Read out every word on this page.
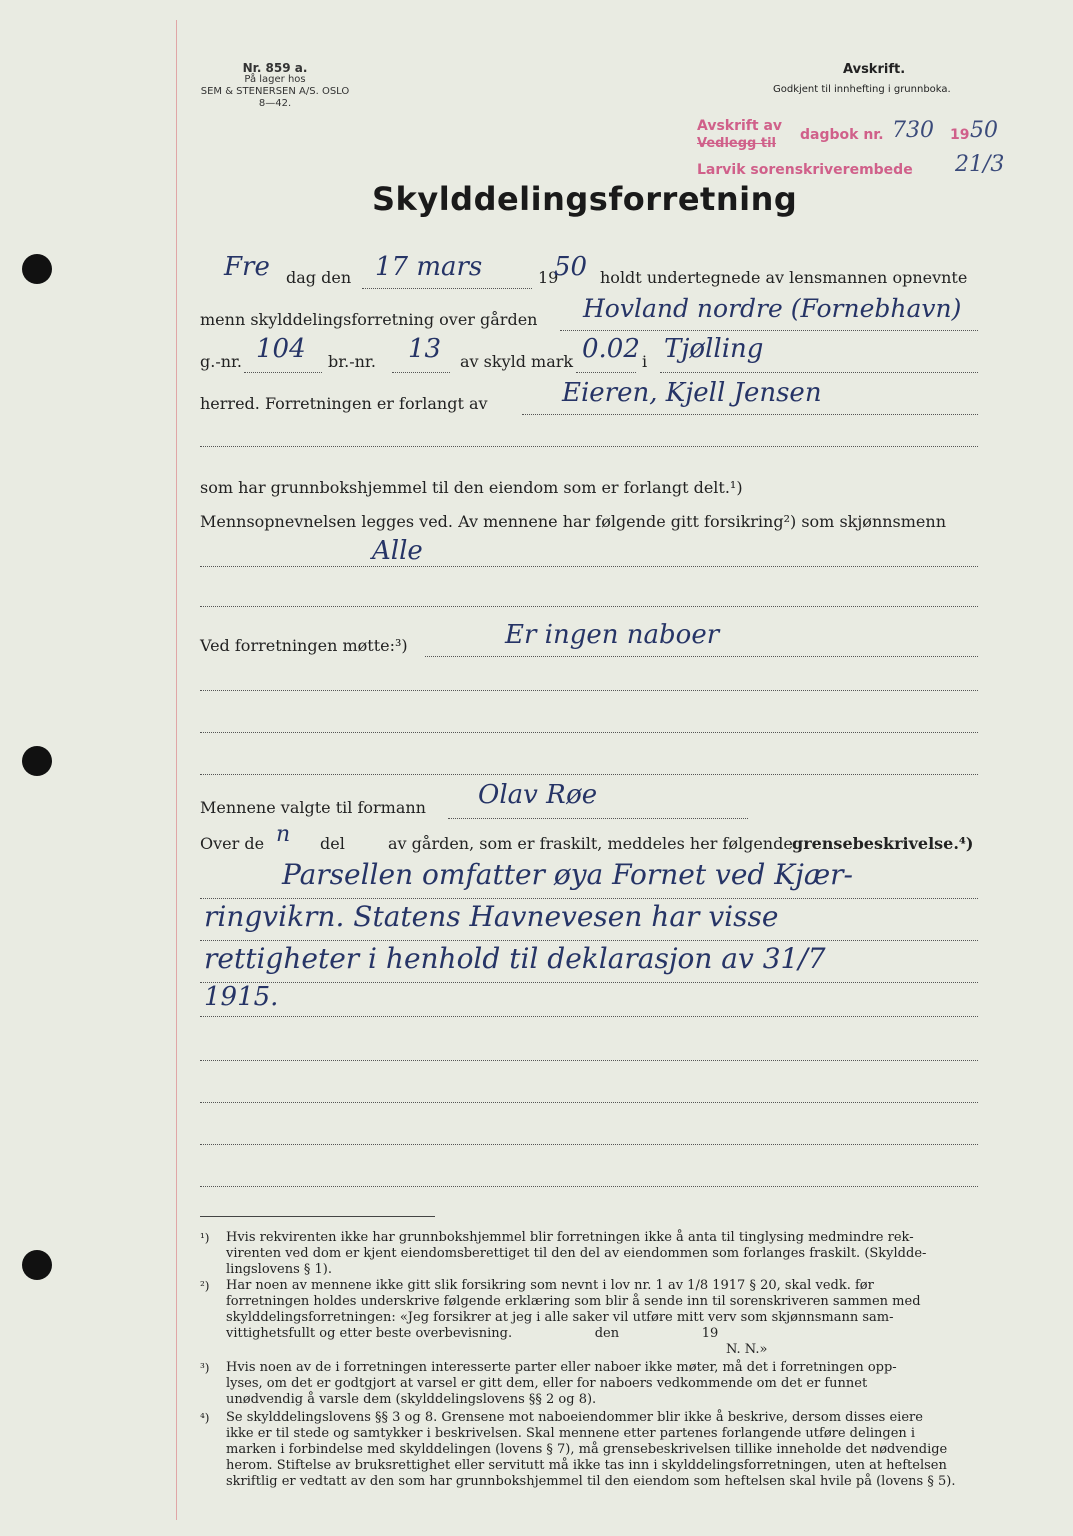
Nr. 859 a.
På lager hos
SEM & STENERSEN A/S. OSLO
8—42.
Avskrift.
Godkjent til innhefting i grunnboka.
Avskrift av
Vedlegg til
dagbok nr. 730 19 50
Larvik sorenskriverembede 21/3
Skylddelingsforretning
Fre dag den 17 mars	19
50 holdt undertegnede av lensmannen opnevnte
menn skylddelingsforretning over gården Hovland nordre (Fornebhavn)
g.-nr. 104 br.-nr. 13 av skyld mark 0.02 i Tjølling
herred. Forretningen er forlangt av	Eieren, Kjell Jensen
som har grunnbokshjemmel til den eiendom som er forlangt delt.¹)
Mennsopnevnelsen legges ved. Av mennene har følgende gitt forsikring²) som skjønnsmenn
Alle
Ved forretningen møtte:³)	Er ingen naboer
Mennene valgte til formann Olav Røe
Over de n del	av gården, som er fraskilt, meddeles her følgende grensebeskrivelse.⁴)
Parsellen omfatter øya Fornet ved Kjær-
ringvikrn. Statens Havnevesen har visse
rettigheter i henhold til deklarasjon av 31/7
1915.
¹) Hvis rekvirenten ikke har grunnbokshjemmel blir forretningen ikke å anta til tinglysing medmindre rek-
virenten ved dom er kjent eiendomsberettiget til den del av eiendommen som forlanges fraskilt. (Skyldde-
lingslovens § 1).
²) Har noen av mennene ikke gitt slik forsikring som nevnt i lov nr. 1 av 1/8 1917 § 20, skal vedk. før
forretningen holdes underskrive følgende erklæring som blir å sende inn til sorenskriveren sammen med
skylddelingsforretningen: «Jeg forsikrer at jeg i alle saker vil utføre mitt verv som skjønnsmann sam-
vittighetsfullt og etter beste overbevisning.                    den                    19
N. N.»
³) Hvis noen av de i forretningen interesserte parter eller naboer ikke møter, må det i forretningen opp-
lyses, om det er godtgjort at varsel er gitt dem, eller for naboers vedkommende om det er funnet
unødvendig å varsle dem (skylddelingslovens §§ 2 og 8).
⁴) Se skylddelingslovens §§ 3 og 8. Grensene mot naboeiendommer blir ikke å beskrive, dersom disses eiere
ikke er til stede og samtykker i beskrivelsen. Skal mennene etter partenes forlangende utføre delingen i
marken i forbindelse med skylddelingen (lovens § 7), må grensebeskrivelsen tillike inneholde det nødvendige
herom. Stiftelse av bruksrettighet eller servitutt må ikke tas inn i skylddelingsforretningen, uten at heftelsen
skriftlig er vedtatt av den som har grunnbokshjemmel til den eiendom som heftelsen skal hvile på (lovens § 5).
